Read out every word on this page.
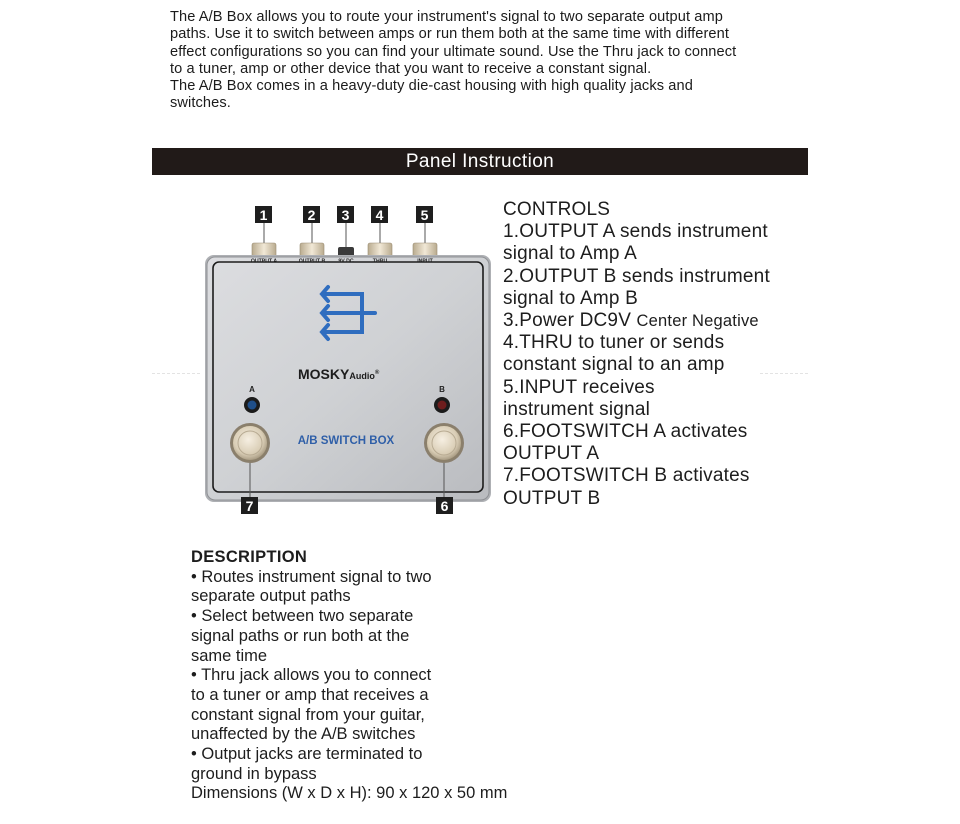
The A/B Box allows you to route your instrument's signal to two separate output amp

paths. Use it to switch between amps or run them both at the same time with different

effect configurations so you can find your ultimate sound. Use the Thru jack to connect

to a tuner, amp or other device that you want to receive a constant signal.

The A/B Box comes in a heavy-duty die-cast housing with high quality jacks and

switches.

Panel Instruction
1	2 3 4	5
OUTPUT A	OUTPUT B	9V DC	THRU	INPUT
MOSKYAudio®
A	B
A/B SWITCH BOX
7	6
CONTROLS
1.OUTPUT A sends instrument
signal to Amp A
2.OUTPUT B sends instrument
signal to Amp B
3.Power DC9V Center Negative
4.THRU to tuner or sends
constant signal to an amp
5.INPUT receives
instrument signal
6.FOOTSWITCH A activates
OUTPUT A
7.FOOTSWITCH B activates
OUTPUT B
DESCRIPTION
• Routes instrument signal to two
separate output paths
• Select between two separate
signal paths or run both at the
same time
• Thru jack allows you to connect
to a tuner or amp that receives a
constant signal from your guitar,
unaffected by the A/B switches
• Output jacks are terminated to
ground in bypass
Dimensions (W x D x H): 90 x 120 x 50 mm
